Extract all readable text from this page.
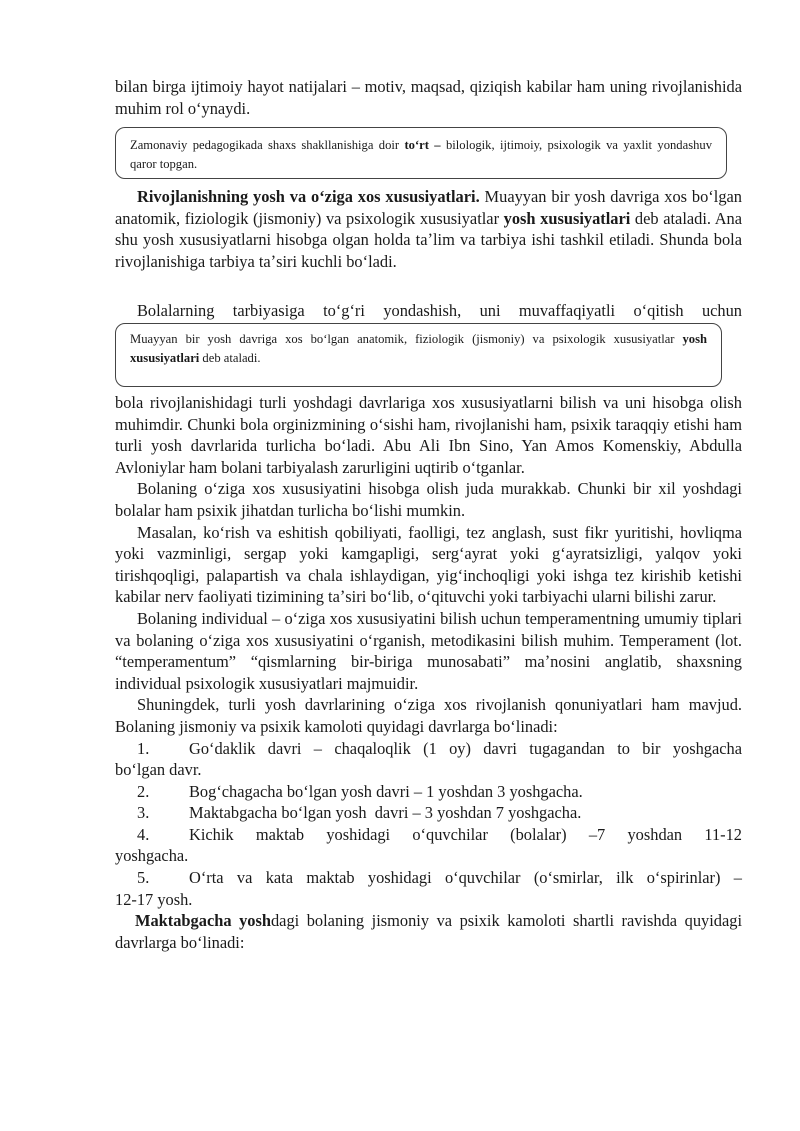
bilan birga ijtimoiy hayot natijalari – motiv, maqsad, qiziqish kabilar ham uning rivojlanishida muhim rol oʻynaydi.

Zamonaviy pedagogikada shaxs shakllanishiga doir toʻrt – bilologik, ijtimoiy, psixologik va yaxlit yondashuv qaror topgan.

Rivojlanishning yosh va oʻziga xos xususiyatlari. Muayyan bir yosh davriga xos boʻlgan anatomik, fiziologik (jismoniy) va psixologik xususiyatlar yosh xususiyatlari deb ataladi. Ana shu yosh xususiyatlarni hisobga olgan holda taʼlim va tarbiya ishi tashkil etiladi. Shunda bola rivojlanishiga tarbiya taʼsiri kuchli boʻladi.

Bolalarning tarbiyasiga toʻgʻri yondashish, uni muvaffaqiyatli oʻqitish uchun

Muayyan bir yosh davriga xos boʻlgan anatomik, fiziologik (jismoniy) va psixologik xususiyatlar yosh xususiyatlari deb ataladi.

bola rivojlanishidagi turli yoshdagi davrlariga xos xususiyatlarni bilish va uni hisobga olish muhimdir. Chunki bola orginizmining oʻsishi ham, rivojlanishi ham, psixik taraqqiy etishi ham turli yosh davrlarida turlicha boʻladi. Abu Ali Ibn Sino, Yan Amos Komenskiy, Abdulla Avloniylar ham bolani tarbiyalash zarurligini uqtirib oʻtganlar.

Bolaning oʻziga xos xususiyatini hisobga olish juda murakkab. Chunki bir xil yoshdagi bolalar ham psixik jihatdan turlicha boʻlishi mumkin.

Masalan, koʻrish va eshitish qobiliyati, faolligi, tez anglash, sust fikr yuritishi, hovliqma yoki vazminligi, sergap yoki kamgapligi, sergʻayrat yoki gʻayratsizligi, yalqov yoki tirishqoqligi, palapartish va chala ishlaydigan, yigʻinchoqligi yoki ishga tez kirishib ketishi kabilar nerv faoliyati tizimining taʼsiri boʻlib, oʻqituvchi yoki tarbiyachi ularni bilishi zarur.

Bolaning individual – oʻziga xos xususiyatini bilish uchun temperamentning umumiy tiplari va bolaning oʻziga xos xususiyatini oʻrganish, metodikasini bilish muhim. Temperament (lot. “temperamentum” “qismlarning bir-biriga munosabati” maʼnosini anglatib, shaxsning individual psixologik xususiyatlari majmuidir.

Shuningdek, turli yosh davrlarining oʻziga xos rivojlanish qonuniyatlari ham mavjud. Bolaning jismoniy va psixik kamoloti quyidagi davrlarga boʻlinadi:

1.	Goʻdaklik davri – chaqaloqlik (1 oy) davri tugagandan to bir yoshgacha

boʻlgan davr.

2.	Bogʻchagacha boʻlgan yosh davri – 1 yoshdan 3 yoshgacha.
3.	Maktabgacha boʻlgan yosh  davri – 3 yoshdan 7 yoshgacha.
4.	Kichik maktab yoshidagi oʻquvchilar (bolalar) –7 yoshdan 11-12

yoshgacha.

5.	Oʻrta va kata maktab yoshidagi oʻquvchilar (oʻsmirlar, ilk oʻspirinlar) –

12-17 yosh.

Maktabgacha yoshdagi bolaning jismoniy va psixik kamoloti shartli ravishda quyidagi davrlarga boʻlinadi:
